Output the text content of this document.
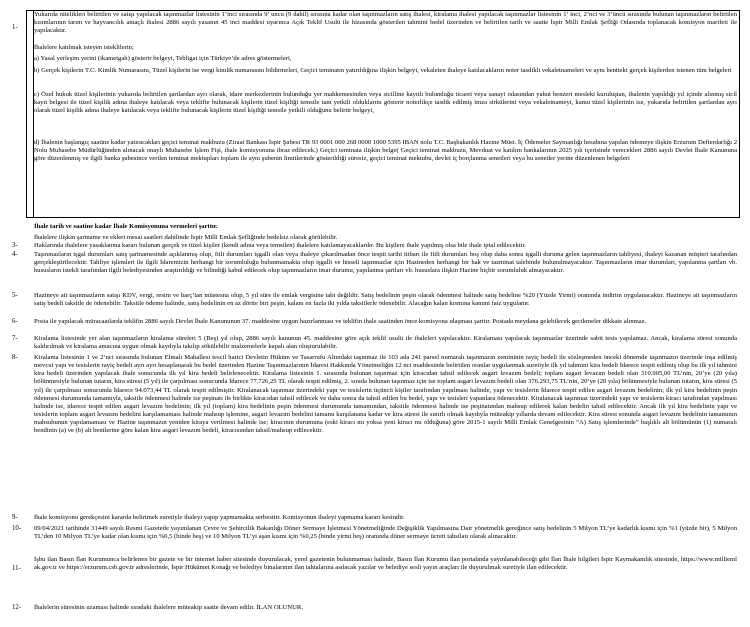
1-
Yukarıda nitelikleri belirtilen ve satışı yapılacak taşınmazlar listesinin 1’inci sırasında 9’ uncu (9 dahil) sırasına kadar olan taşınmazların satış ihalesi, kiralama ihalesi yapılacak taşınmazlar listesinin 1’ inci, 2’nci ve 3’üncü sırasında bulunan taşınmazların belirtilen kısımlarının tarım ve hayvancılık amaçlı ihalesi 2886 sayılı yasanın 45 inci maddesi uyarınca Açık Teklif Usulü ile hizasında gösterilen tahmini bedel üzerinden ve belirtilen tarih ve saatte İspir Milli Emlak Şefliği Odasında toplanacak komisyon marifeti ile yapılacaktır.
İhalelere katılmak isteyen isteklilerin;
a) Yasal yerleşim yerini (ikametgah) gösterir belgeyi, Tebligat için Türkiye’de adres göstermeleri,
b) Gerçek kişilerin T.C. Kimlik Numarasını, Tüzel kişilerin ise vergi kimlik numarasını bildirmeleri, Geçici teminatın yatırıldığına ilişkin belgeyi, vekaleten ihaleye katılacakların noter tasdikli vekaletnameleri ve aynı bentteki gerçek kişilerden istenen tüm belgeleri
c) Özel hukuk tüzel kişilerinin yukarıda belirtilen şartlardan ayrı olarak, idare merkezlerinin bulunduğu yer mahkemesinden veya sicilline kayıtlı bulunduğu ticaret veya sanayi odasından yahut benzeri mesleki kuruluştan, ihalenin yapıldığı yıl içinde alınmış sicil kayıt belgesi ile tüzel kişilik adına ihaleye katılacak veya teklifte bulunacak kişilerin tüzel kişiliği temsile tam yetkili olduklarını gösterir noterlikçe tasdik edilmiş imza sirkülerini veya vekaletnameyi, kamu tüzel kişilerinin ise, yukarıda belirtilen şartlardan ayrı olarak tüzel kişilik adına ihaleye katılacak veya teklifte bulunacak kişilerin tüzel kişiliği temsile yetkili olduğunu belirtir belgeyi,
d) İhalenin başlangıç saatine kadar yatıracakları geçici teminat makbuzu (Ziraat Bankası İspir Şubesi TR 93 0001 000 268 0000 1000 5395 IBAN nolu T.C. Başbakanlık Hazine Müst. İç Ödemeler Saymanlığı hesabına yapılan ödemeye ilişkin Erzurum Defterdarlığı 2 Nolu Muhasebe Müdürlüğünden alınacak onaylı Muhasebe İşlem Fişi, ihale komisyonuna ibraz edilecek.) Geçici teminata ilişkin belge( Geçici teminat makbuzu, Mevduat ve katılım bankalarının 2025 yılı içerisinde verecekleri 2886 sayılı Devlet İhale Kanununa göre düzenlenmiş ve ilgili banka şubesince verilen teminat mektupları toplam ile aynı şubenin limitlerinde gösterildiği süresiz, geçici teminat mektubu, devlet iç borçlanma senetleri veya bu senetler yerine düzenlenen belgeleri
İhale tarih ve saatine kadar İhale Komisyonuna vermeleri şarttır.
İhalelere ilişkin şartname ve ekleri mesai saatleri dahilinde İspir Milli Emlak Şefliğinde bedelsiz olarak görülebilir.
3- Haklarında ihalelere yasaklanma kararı bulunan gerçek ve tüzel kişiler (kendi adına veya temsilen) ihalelere katılamayacaklardır. Bu kişilere ihale yapılmış olsa bile ihale iptal edilecektir.
4- Taşınmazların işgal durumları satış şartnamesinde açıklanmış olup, fiili durumları işgalli olan veya ihaleye çıkarılmadan önce tespit tarihi itibarı ile fiili durumları boş olup daha sonra işgalli duruma gelen taşınmazların tahliyesi, ihaleyi kazanan müşteri tarafından gerçekleştirilecektir. Tahliye işlemleri ile ilgili İdaremizin herhangi bir sorumluluğu bulunmamakta olup işgalli ve hisseli taşınmazlar için Hazineden herhangi bir hak ve tazminat talebinde bulunulmayacaktır. Taşınmazların imar durumları, yapılanma şartları vb. hususların istekli tarafından ilgili belediyesinden araştırıldığı ve bilindiği kabul edilecek olup taşınmazların imar durumu, yapılanma şartları vb. hususlara ilişkin Hazine hiçbir sorumluluk almayacaktır.
5- Hazineye ait taşınmazların satışı KDV, vergi, resim ve harç’tan müstesna olup, 5 yıl süre ile emlak vergisine tabi değildir. Satış bedelinin peşin olarak ödenmesi halinde satış bedeline %20 (Yüzde Yirmi) oranında indirim uygulanacaktır. Hazineye ait taşınmazların satış bedeli taksitle de ödenebilir. Taksitle ödeme halinde, satış bedelinin en az dörtte biri peşin, kalanı en fazla iki yılda taksitlerle ödenebilir. Alacağın kalan kısmına kanuni faiz uygulanır.
6- Posta ile yapılacak müracaatlarda teklifin 2886 sayılı Devlet İhale Kanununun 37. maddesine uygun hazırlanması ve teklifin ihale saatinden önce komisyona ulaşması şarttır. Postada meydana gelebilecek gecikmeler dikkate alınmaz.
7- Kiralama listesinde yer alan taşınmazların kiralama süreleri 5 (Beş) yıl olup, 2886 sayılı kanunun 45. maddesine göre açık teklif usulü ile ihaleleri yapılacaktır. Kiralaması yapılacak taşınmazlar üzerinde sabit tesis yapılamaz. Ancak, kiralama süresi sonunda kaldırılmak ve kiralama amacına uygun olmak kaydıyla takılıp sökülebilir malzemelerle kapalı alan oluşturulabilir.
8- Kiralama listesinin 1 ve 2’nci sırasında bulunan Elmalı Mahallesi tescil harici Devletin Hüküm ve Tasarrufu Altındaki taşınmaz ile 103 ada 241 parsel numaralı taşınmazın zemininin rayiç bedeli ile sözleşmeden önceki dönemde taşınmazın üzerinde inşa edilmiş mevcut yapı ve tesislerin rayiç bedeli ayrı ayrı hesaplanarak bu bedel üzerinden Hazine Taşınmazlarının İdaresi Hakkında Yönetmeliğin 12 nci maddesinde belirtilen oranlar uygulanmak suretiyle ilk yıl tahmini kira bedeli İdarece tespit edilmiş olup bu ilk yıl tahmini kira bedeli üzerinden yapılacak ihale sonucunda ilk yıl kira bedeli belirlenecektir. Kiralama listesinin 1. sırasında bulunan taşınmaz için kiracıdan tahsil edilecek asgari levazım bedeli; toplam asgari levazım bedeli olan 310.905,00 TL’nin, 20’ye (20 yıla) bölünmesiyle bulunan tutarın, kira süresi (5 yıl) ile çarpılması sonucunda İdarece 77.726,25 TL olarak tespit edilmiş, 2. sırada bulunan taşınmaz için ise toplam asgari levazım bedeli olan 376.293,75 TL’nin, 20’ye (20 yıla) bölünmesiyle bulunan tutarın, kira süresi (5 yıl) ile çarpılması sonucunda İdarece 94.073,44 TL olarak tespit edilmiştir. Kiralanacak taşınmaz üzerindeki yapı ve tesislerin üçüncü kişiler tarafından yapılması halinde, yapı ve tesislerin İdarece tespit edilen asgari levazım bedelinin; ilk yıl kira bedelinin peşin ödenmesi durumunda tamamıyla, taksitle ödenmesi halinde ise peşinatı ile birlikte kiracıdan tahsil edilecek ve daha sonra da tahsil edilen bu bedel, yapı ve tesisleri yapanlara ödenecektir. Kiralanacak taşınmaz üzerindeki yapı ve tesislerin kiracı tarafından yapılması halinde ise, idarece tespit edilen asgari levazım bedelinin; ilk yıl (toplam) kira bedelinin peşin ödenmesi durumunda tamamından, taksitle ödenmesi halinde ise peşinatından mahsup edilerek kalan bedelin tahsil edilecektir. Ancak ilk yıl kira bedelinin yapı ve tesislerin toplam asgari levazım bedelini karşılamaması halinde mahsup işlemine, asgari levazım bedelini tamamı karşılanana kadar ve kira süresi ile sınırlı olmak kaydıyla müteakip yıllarda devam edilecektir. Kira süresi sonunda asgari levazım bedelinin tamamının mahsubunun yapılamaması ve Hazine taşınmazın yeniden kiraya verilmesi halinde ise; kiracının durumuna (eski kiracı mı yoksa yeni kiracı mı olduğuna) göre 2015-1 sayılı Milli Emlak Genelgesinin “A) Satış işlemlerinde” başlıklı alt bölümünün (1) numaralı bendinin (a) ve (b) alt bentlerine göre kalan kira asgari levazım bedeli, kiracısından tahsil/mahsup edilecektir.
9- İhale komisyonu gerekçesini kararda belirtmek suretiyle ihaleyi yapıp yapmamakta serbesttir. Komisyonun ihaleyi yapmama kararı kesindir.
10- 09/04/2021 tarihinde 31449 sayılı Resmi Gazetede yayımlanan Çevre ve Şehircilik Bakanlığı Döner Sermaye İşletmesi Yönetmeliğinde Değişiklik Yapılmasına Dair yönetmelik gereğince satış bedelinin 5 Milyon TL’ye kadarlık kısmı için %1 (yüzde bir), 5 Milyon TL’den 10 Milyon TL’ye kadar olan kısmı için %0,5 (binde beş) ve 10 Milyon TL’yi aşan kısmı için %0,25 (binde yirmi beş) oranında döner sermaye ücreti tahsilatı olarak alınacaktır.
11-
İşbu ilan Basın İlan Kurumunca belirlenen bir gazete ve bir internet haber sitesinde duyurulacak, yerel gazetenin bulunmaması halinde, Basın İlan Kurumu ilan portalında yayınlanabileceği gibi İlan İhale bilgileri İspir Kaymakamlık sitesinde, https://www.millieml ak.gov.tr ve https://erzurum.csb.gov.tr adreslerinde, İspir Hükümet Konağı ve belediye binalarının ilan tahtalarına asılacak yazılar ve belediye sesli yayın araçları ile duyurulmak suretiyle ilan edilecektir.
12- İhalelerin süresinin uzaması halinde sıradaki ihalelere müteakip saatte devam edilir. İLAN OLUNUR.
